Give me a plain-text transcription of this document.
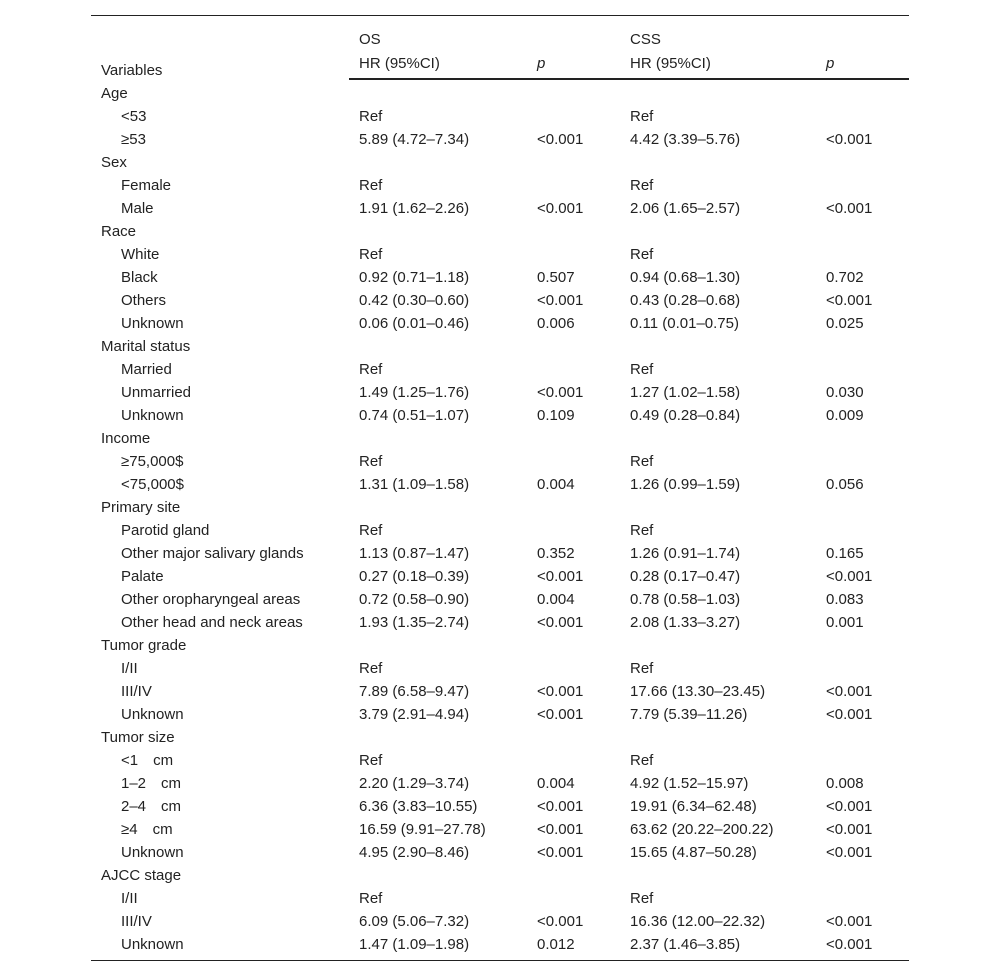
Variables	OS		CSS	
	HR (95%CI)	p	HR (95%CI)	p
Age				
<53	Ref		Ref	
≥53	5.89 (4.72–7.34)	<0.001	4.42 (3.39–5.76)	<0.001
Sex				
Female	Ref		Ref	
Male	1.91 (1.62–2.26)	<0.001	2.06 (1.65–2.57)	<0.001
Race				
White	Ref		Ref	
Black	0.92 (0.71–1.18)	0.507	0.94 (0.68–1.30)	0.702
Others	0.42 (0.30–0.60)	<0.001	0.43 (0.28–0.68)	<0.001
Unknown	0.06 (0.01–0.46)	0.006	0.11 (0.01–0.75)	0.025
Marital status				
Married	Ref		Ref	
Unmarried	1.49 (1.25–1.76)	<0.001	1.27 (1.02–1.58)	0.030
Unknown	0.74 (0.51–1.07)	0.109	0.49 (0.28–0.84)	0.009
Income				
≥75,000$	Ref		Ref	
<75,000$	1.31 (1.09–1.58)	0.004	1.26 (0.99–1.59)	0.056
Primary site				
Parotid gland	Ref		Ref	
Other major salivary glands	1.13 (0.87–1.47)	0.352	1.26 (0.91–1.74)	0.165
Palate	0.27 (0.18–0.39)	<0.001	0.28 (0.17–0.47)	<0.001
Other oropharyngeal areas	0.72 (0.58–0.90)	0.004	0.78 (0.58–1.03)	0.083
Other head and neck areas	1.93 (1.35–2.74)	<0.001	2.08 (1.33–3.27)	0.001
Tumor grade				
I/II	Ref		Ref	
III/IV	7.89 (6.58–9.47)	<0.001	17.66 (13.30–23.45)	<0.001
Unknown	3.79 (2.91–4.94)	<0.001	7.79 (5.39–11.26)	<0.001
Tumor size				
<1 cm	Ref		Ref	
1–2 cm	2.20 (1.29–3.74)	0.004	4.92 (1.52–15.97)	0.008
2–4 cm	6.36 (3.83–10.55)	<0.001	19.91 (6.34–62.48)	<0.001
≥4 cm	16.59 (9.91–27.78)	<0.001	63.62 (20.22–200.22)	<0.001
Unknown	4.95 (2.90–8.46)	<0.001	15.65 (4.87–50.28)	<0.001
AJCC stage				
I/II	Ref		Ref	
III/IV	6.09 (5.06–7.32)	<0.001	16.36 (12.00–22.32)	<0.001
Unknown	1.47 (1.09–1.98)	0.012	2.37 (1.46–3.85)	<0.001
